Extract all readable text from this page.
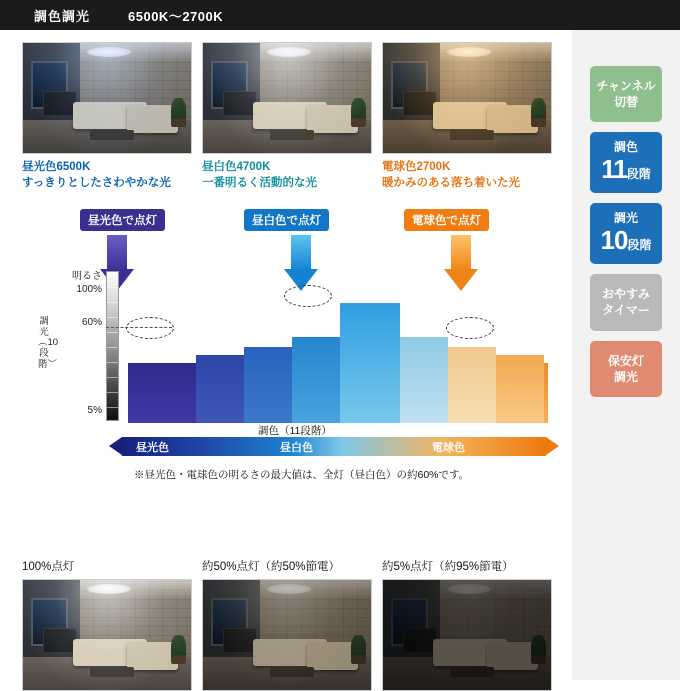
調色調光	6500K〜2700K
昼光色6500K
すっきりとしたさわやかな光
昼白色4700K
一番明るく活動的な光
電球色2700K
暖かみのある落ち着いた光
昼光色で点灯	昼白色で点灯	電球色で点灯
明るさ
100%
60%
5%
調光︵10段階︶
調色（11段階）
昼光色	昼白色	電球色
※昼光色・電球色の明るさの最大値は、全灯（昼白色）の約60%です。
100%点灯	約50%点灯（約50%節電）	約5%点灯（約95%節電）
チャンネル
切替
調色
11段階
調光
10段階
おやすみ
タイマー
保安灯
調光
